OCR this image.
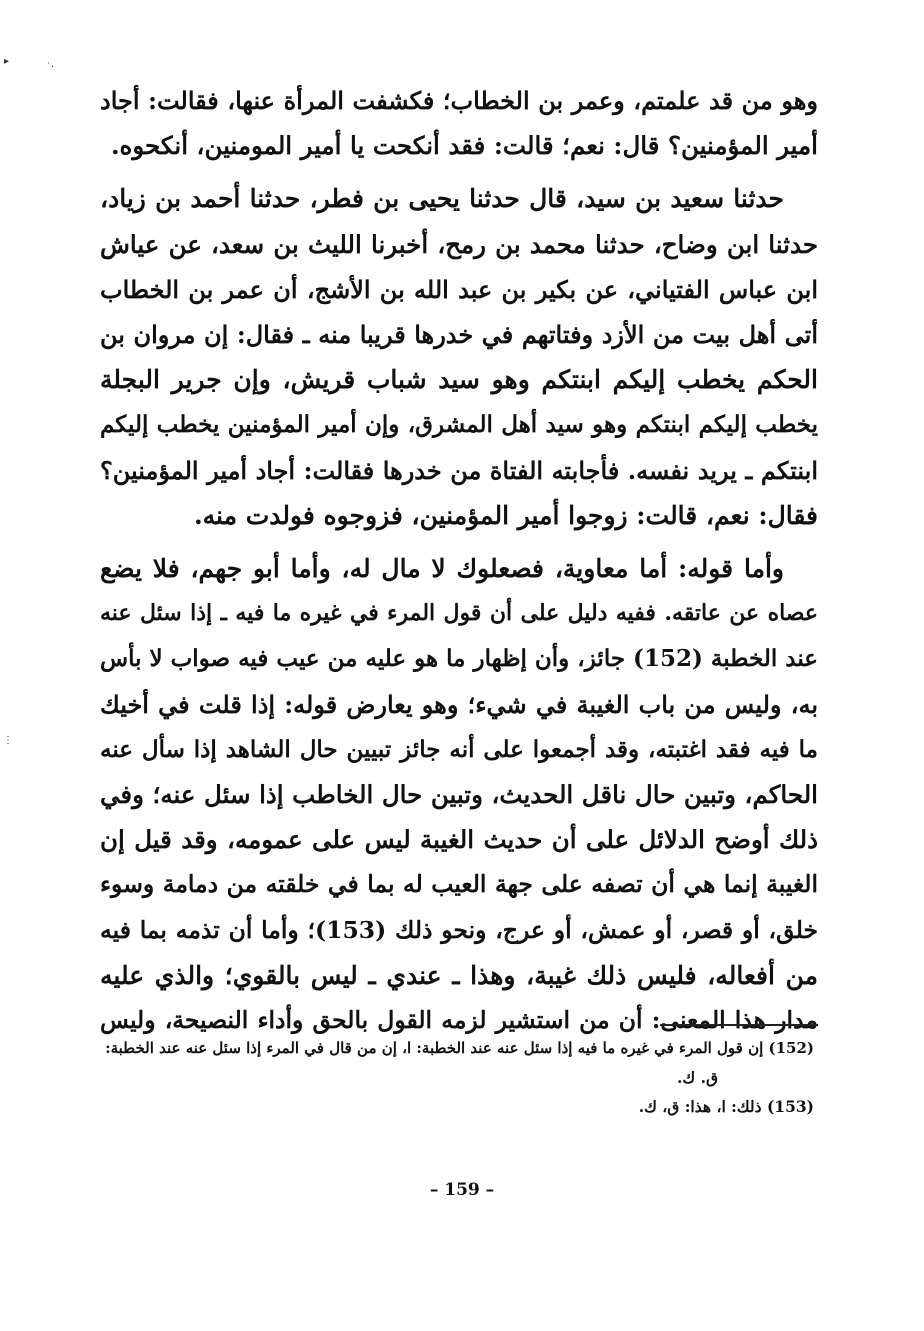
▸
˙·
⋮

وهو من قد علمتم، وعمر بن الخطاب؛ فكشفت المرأة عنها، فقالت: أجاد
أمير المؤمنين؟ قال: نعم؛ قالت: فقد أنكحت يا أمير المومنين، أنكحوه.

حدثنا سعيد بن سيد، قال حدثنا يحيى بن فطر، حدثنا أحمد بن زياد،
حدثنا ابن وضاح، حدثنا محمد بن رمح، أخبرنا الليث بن سعد، عن عياش
ابن عباس الفتياني، عن بكير بن عبد الله بن الأشج، أن عمر بن الخطاب
أتى أهل بيت من الأزد وفتاتهم في خدرها قريبا منه ـ فقال: إن مروان بن
الحكم يخطب إليكم ابنتكم وهو سيد شباب قريش، وإن جرير البجلة
يخطب إليكم ابنتكم وهو سيد أهل المشرق، وإن أمير المؤمنين يخطب إليكم
ابنتكم ـ يريد نفسه. فأجابته الفتاة من خدرها فقالت: أجاد أمير المؤمنين؟
فقال: نعم، قالت: زوجوا أمير المؤمنين، فزوجوه فولدت منه.

وأما قوله: أما معاوية، فصعلوك لا مال له، وأما أبو جهم، فلا يضع
عصاه عن عاتقه. ففيه دليل على أن قول المرء في غيره ما فيه ـ إذا سئل عنه
عند الخطبة (152) جائز، وأن إظهار ما هو عليه من عيب فيه صواب لا بأس
به، وليس من باب الغيبة في شيء؛ وهو يعارض قوله: إذا قلت في أخيك
ما فيه فقد اغتبته، وقد أجمعوا على أنه جائز تبيين حال الشاهد إذا سأل عنه
الحاكم، وتبين حال ناقل الحديث، وتبين حال الخاطب إذا سئل عنه؛ وفي
ذلك أوضح الدلائل على أن حديث الغيبة ليس على عمومه، وقد قيل إن
الغيبة إنما هي أن تصفه على جهة العيب له بما في خلقته من دمامة وسوء
خلق، أو قصر، أو عمش، أو عرج، ونحو ذلك (153)؛ وأما أن تذمه بما فيه
من أفعاله، فليس ذلك غيبة، وهذا ـ عندي ـ ليس بالقوي؛ والذي عليه
مدار هذا المعنى: أن من استشير لزمه القول بالحق وأداء النصيحة، وليس

(152) إن قول المرء في غيره ما فيه إذا سئل عنه عند الخطبة: ا، إن من قال في المرء إذا سئل عنه عند الخطبة:
ق. ك.
(153) ذلك: ا، هذا: ق، ك.
– 159 –
